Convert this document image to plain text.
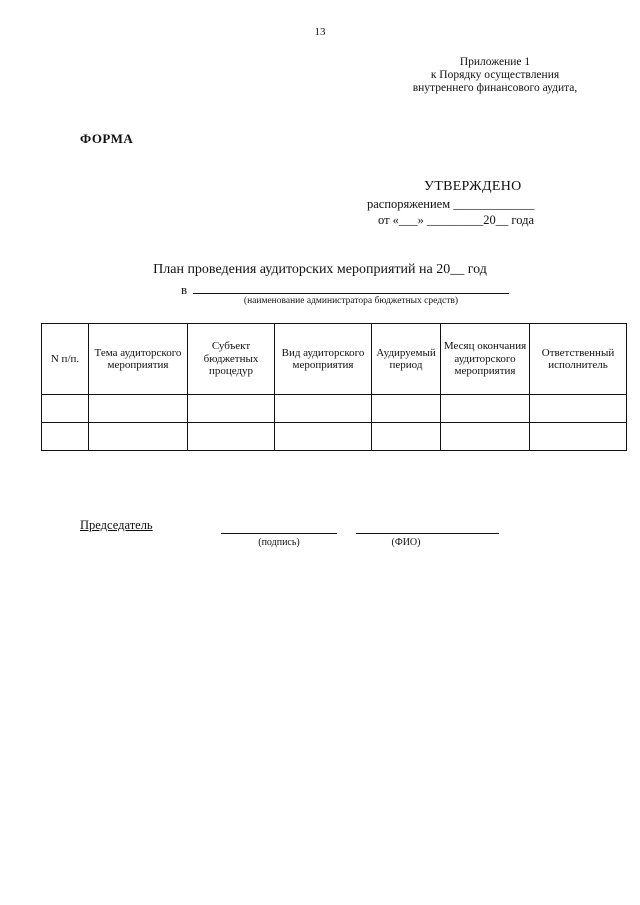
13
Приложение 1
к Порядку осуществления
внутреннего финансового аудита,
ФОРМА
УТВЕРЖДЕНО
распоряжением _____________
от «___» _________20__ года
План проведения аудиторских мероприятий на 20__ год
в
(наименование администратора бюджетных средств)
N п/п.	Тема аудиторского мероприятия	Субъект бюджетных процедур	Вид аудиторского мероприятия	Аудируемый период	Месяц окончания аудиторского мероприятия	Ответственный исполнитель

Председатель
(подпись)	(ФИО)
